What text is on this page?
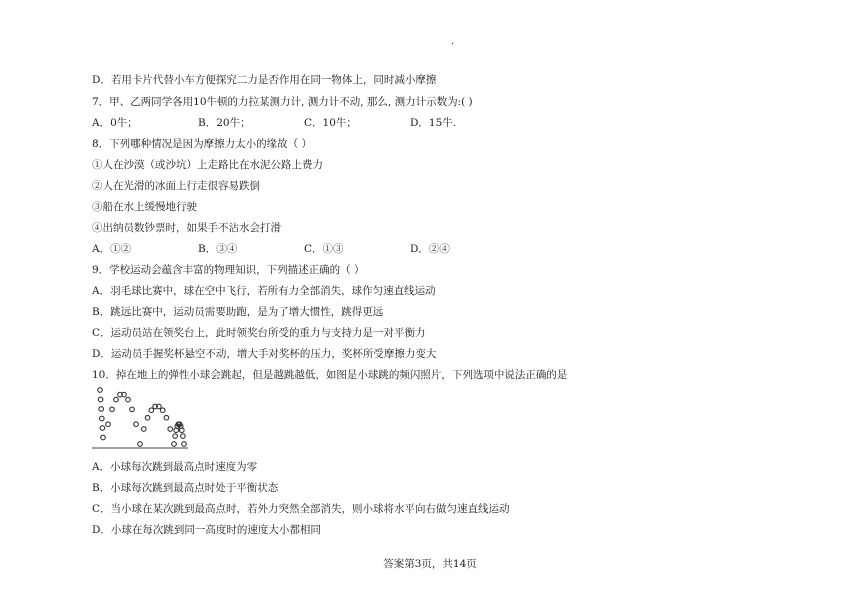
.
D．若用卡片代替小车方便探究二力是否作用在同一物体上，同时减小摩擦
7．甲、乙两同学各用10牛顿的力拉某测力计, 测力计不动, 那么, 测力计示数为:( )
A．0牛；	B．20牛；	C．10牛；	D．15牛.
8．下列哪种情况是因为摩擦力太小的缘故（ ）
①人在沙漠（或沙坑）上走路比在水泥公路上费力
②人在光滑的冰面上行走很容易跌倒
③船在水上缓慢地行驶
④出纳员数钞票时，如果手不沾水会打滑
A．①②	B．③④	C．①③	D．②④
9．学校运动会蕴含丰富的物理知识，下列描述正确的（ ）
A．羽毛球比赛中，球在空中飞行，若所有力全部消失，球作匀速直线运动
B．跳远比赛中，运动员需要助跑，是为了增大惯性，跳得更远
C．运动员站在领奖台上，此时领奖台所受的重力与支持力是一对平衡力
D．运动员手握奖杯悬空不动，增大手对奖杯的压力，奖杯所受摩擦力变大
10．掉在地上的弹性小球会跳起，但是越跳越低，如图是小球跳的频闪照片，下列选项中说法正确的是
A．小球每次跳到最高点时速度为零
B．小球每次跳到最高点时处于平衡状态
C．当小球在某次跳到最高点时，若外力突然全部消失，则小球将水平向右做匀速直线运动
D．小球在每次跳到同一高度时的速度大小都相同
答案第3页，共14页
